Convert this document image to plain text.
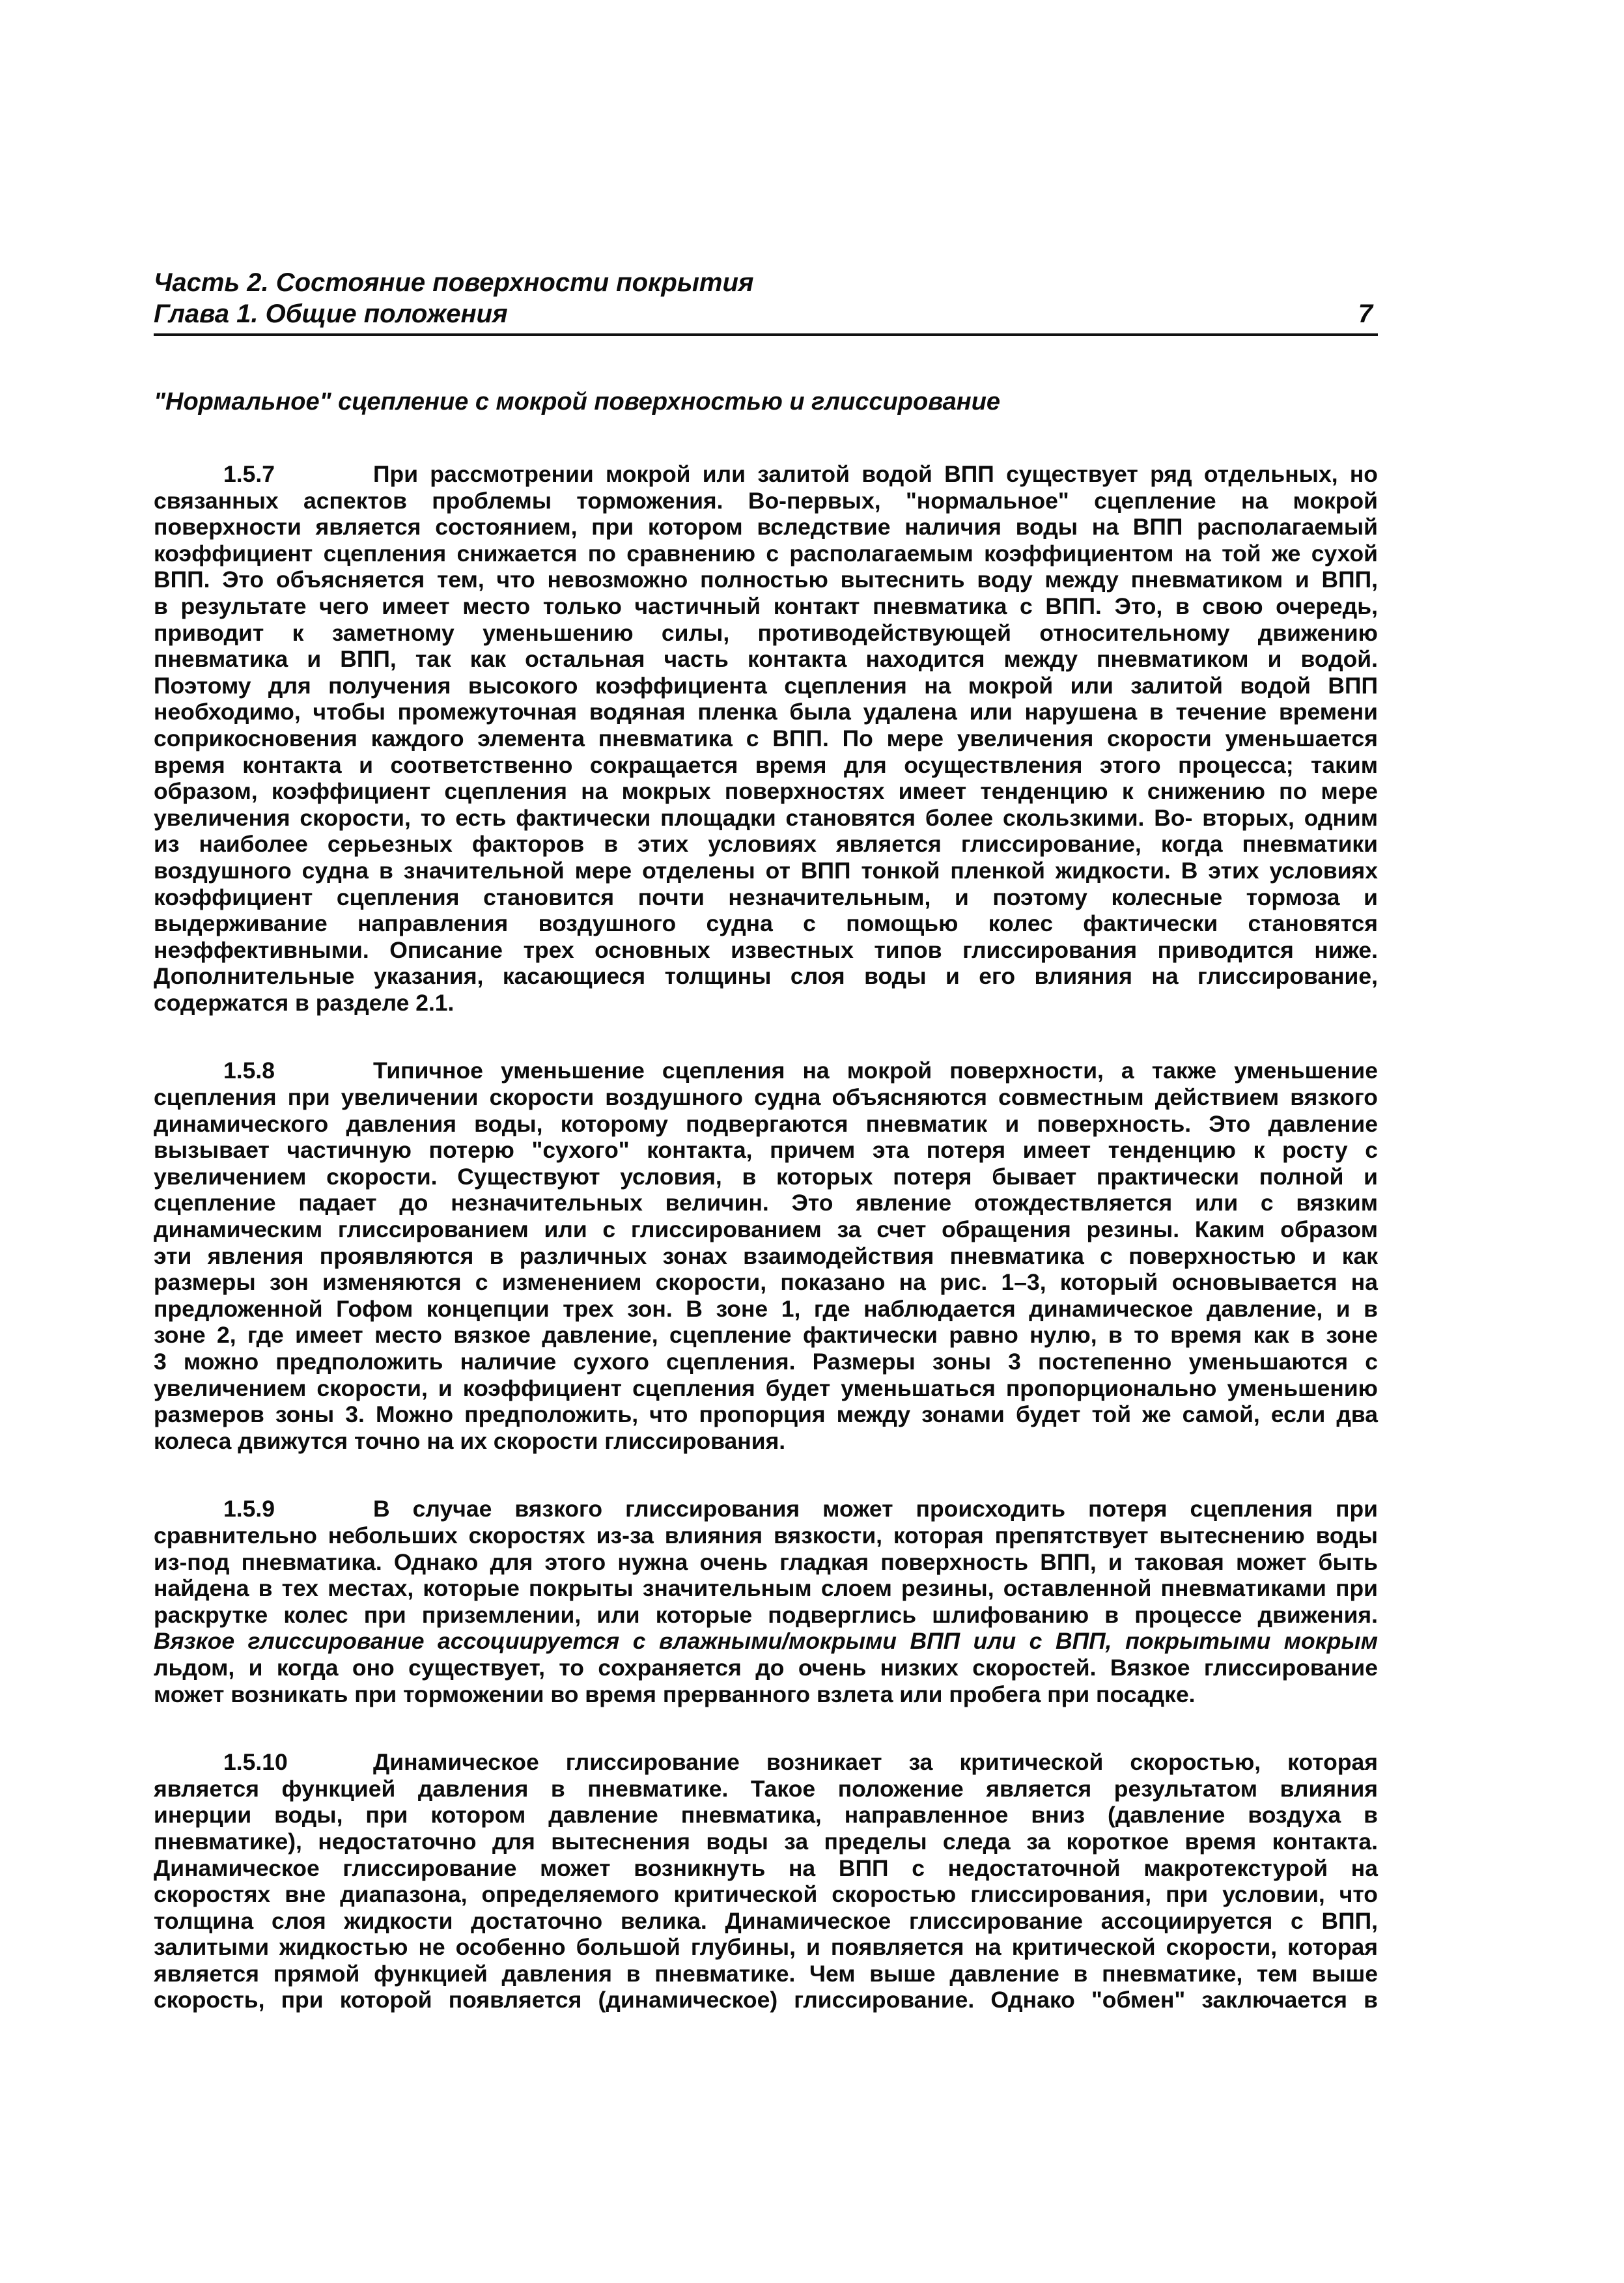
Часть 2. Состояние поверхности покрытия
Глава 1. Общие положения	7
"Нормальное" сцепление с мокрой поверхностью и глиссирование
1.5.7	При рассмотрении мокрой или залитой водой ВПП существует ряд отдельных, но
связанных аспектов проблемы торможения. Во-первых, "нормальное" сцепление на мокрой
поверхности является состоянием, при котором вследствие наличия воды на ВПП располагаемый
коэффициент сцепления снижается по сравнению с располагаемым коэффициентом на той же сухой
ВПП. Это объясняется тем, что невозможно полностью вытеснить воду между пневматиком и ВПП,
в результате чего имеет место только частичный контакт пневматика с ВПП. Это, в свою очередь,
приводит к заметному уменьшению силы, противодействующей относительному движению
пневматика и ВПП, так как остальная часть контакта находится между пневматиком и водой.
Поэтому для получения высокого коэффициента сцепления на мокрой или залитой водой ВПП
необходимо, чтобы промежуточная водяная пленка была удалена или нарушена в течение времени
соприкосновения каждого элемента пневматика с ВПП. По мере увеличения скорости уменьшается
время контакта и соответственно сокращается время для осуществления этого процесса; таким
образом, коэффициент сцепления на мокрых поверхностях имеет тенденцию к снижению по мере
увеличения скорости, то есть фактически площадки становятся более скользкими. Во- вторых, одним
из наиболее серьезных факторов в этих условиях является глиссирование, когда пневматики
воздушного судна в значительной мере отделены от ВПП тонкой пленкой жидкости. В этих условиях
коэффициент сцепления становится почти незначительным, и поэтому колесные тормоза и
выдерживание направления воздушного судна с помощью колес фактически становятся
неэффективными. Описание трех основных известных типов глиссирования приводится ниже.
Дополнительные указания, касающиеся толщины слоя воды и его влияния на глиссирование,
содержатся в разделе 2.1.
1.5.8	Типичное уменьшение сцепления на мокрой поверхности, а также уменьшение
сцепления при увеличении скорости воздушного судна объясняются совместным действием вязкого
динамического давления воды, которому подвергаются пневматик и поверхность. Это давление
вызывает частичную потерю "сухого" контакта, причем эта потеря имеет тенденцию к росту с
увеличением скорости. Существуют условия, в которых потеря бывает практически полной и
сцепление падает до незначительных величин. Это явление отождествляется или с вязким
динамическим глиссированием или с глиссированием за счет обращения резины. Каким образом
эти явления проявляются в различных зонах взаимодействия пневматика с поверхностью и как
размеры зон изменяются с изменением скорости, показано на рис. 1–3, который основывается на
предложенной Гофом концепции трех зон. В зоне 1, где наблюдается динамическое давление, и в
зоне 2, где имеет место вязкое давление, сцепление фактически равно нулю, в то время как в зоне
3 можно предположить наличие сухого сцепления. Размеры зоны 3 постепенно уменьшаются с
увеличением скорости, и коэффициент сцепления будет уменьшаться пропорционально уменьшению
размеров зоны 3. Можно предположить, что пропорция между зонами будет той же самой, если два
колеса движутся точно на их скорости глиссирования.
1.5.9	В случае вязкого глиссирования может происходить потеря сцепления при
сравнительно небольших скоростях из-за влияния вязкости, которая препятствует вытеснению воды
из-под пневматика. Однако для этого нужна очень гладкая поверхность ВПП, и таковая может быть
найдена в тех местах, которые покрыты значительным слоем резины, оставленной пневматиками при
раскрутке колес при приземлении, или которые подверглись шлифованию в процессе движения.
Вязкое глиссирование ассоциируется с влажными/мокрыми ВПП или с ВПП, покрытыми мокрым
льдом, и когда оно существует, то сохраняется до очень низких скоростей. Вязкое глиссирование
может возникать при торможении во время прерванного взлета или пробега при посадке.
1.5.10	Динамическое глиссирование возникает за критической скоростью, которая
является функцией давления в пневматике. Такое положение является результатом влияния
инерции воды, при котором давление пневматика, направленное вниз (давление воздуха в
пневматике), недостаточно для вытеснения воды за пределы следа за короткое время контакта.
Динамическое глиссирование может возникнуть на ВПП с недостаточной макротекстурой на
скоростях вне диапазона, определяемого критической скоростью глиссирования, при условии, что
толщина слоя жидкости достаточно велика. Динамическое глиссирование ассоциируется с ВПП,
залитыми жидкостью не особенно большой глубины, и появляется на критической скорости, которая
является прямой функцией давления в пневматике. Чем выше давление в пневматике, тем выше
скорость, при которой появляется (динамическое) глиссирование. Однако "обмен" заключается в
